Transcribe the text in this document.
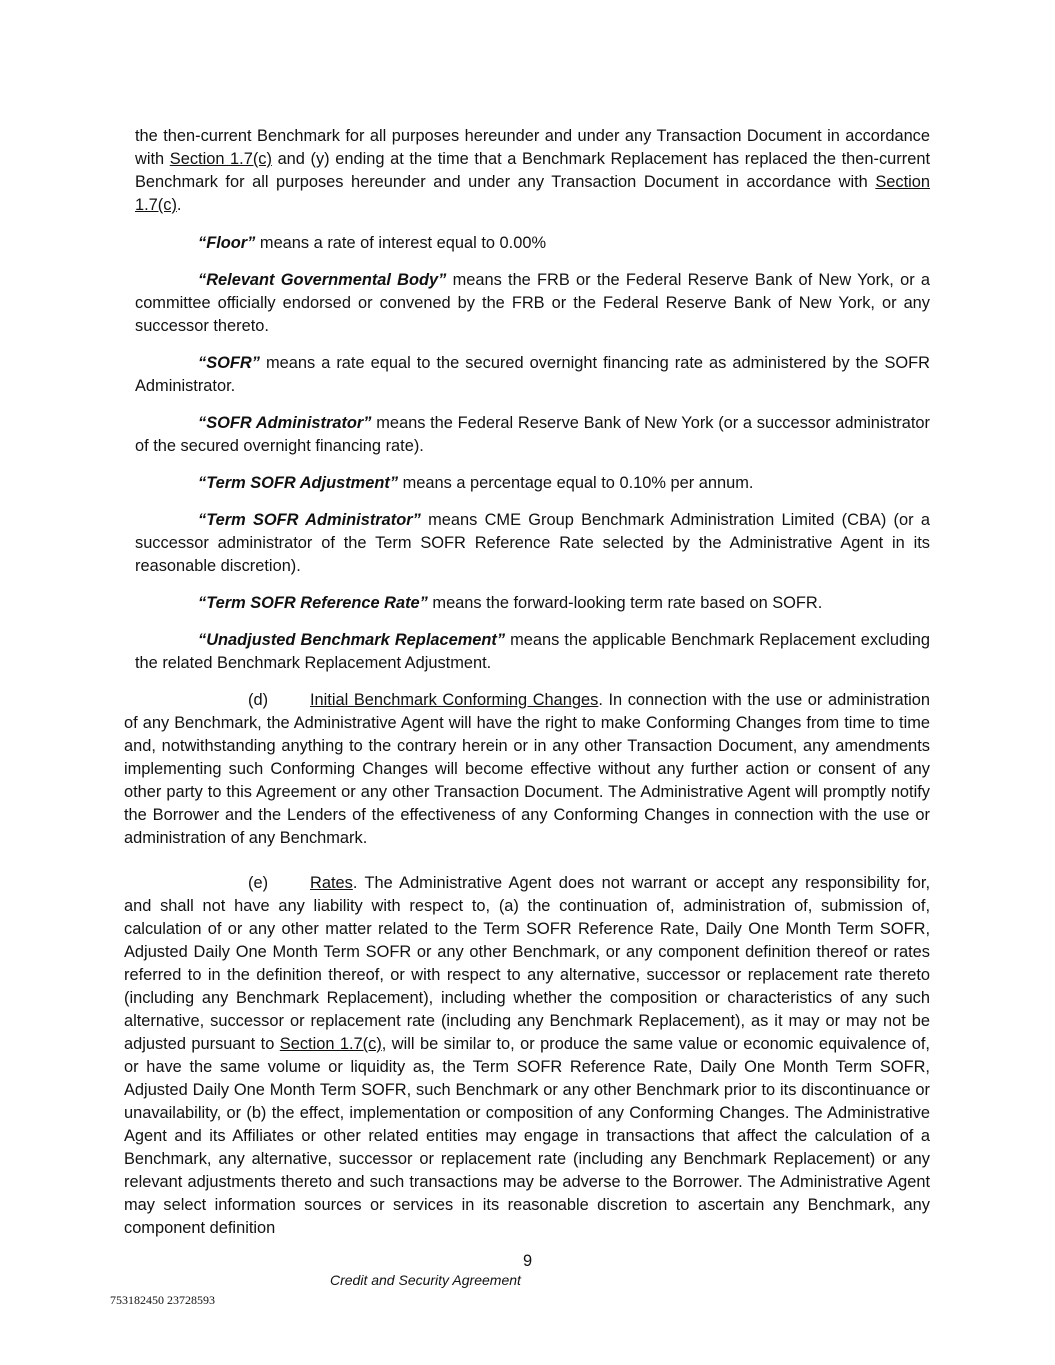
the then-current Benchmark for all purposes hereunder and under any Transaction Document in accordance with Section 1.7(c) and (y) ending at the time that a Benchmark Replacement has replaced the then-current Benchmark for all purposes hereunder and under any Transaction Document in accordance with Section 1.7(c).

“Floor” means a rate of interest equal to 0.00%

“Relevant Governmental Body” means the FRB or the Federal Reserve Bank of New York, or a committee officially endorsed or convened by the FRB or the Federal Reserve Bank of New York, or any successor thereto.

“SOFR” means a rate equal to the secured overnight financing rate as administered by the SOFR Administrator.

“SOFR Administrator” means the Federal Reserve Bank of New York (or a successor administrator of the secured overnight financing rate).

“Term SOFR Adjustment” means a percentage equal to 0.10% per annum.

“Term SOFR Administrator” means CME Group Benchmark Administration Limited (CBA) (or a successor administrator of the Term SOFR Reference Rate selected by the Administrative Agent in its reasonable discretion).

“Term SOFR Reference Rate” means the forward-looking term rate based on SOFR.

“Unadjusted Benchmark Replacement” means the applicable Benchmark Replacement excluding the related Benchmark Replacement Adjustment.

(d)	Initial Benchmark Conforming Changes. In connection with the use or administration of any Benchmark, the Administrative Agent will have the right to make Conforming Changes from time to time and, notwithstanding anything to the contrary herein or in any other Transaction Document, any amendments implementing such Conforming Changes will become effective without any further action or consent of any other party to this Agreement or any other Transaction Document. The Administrative Agent will promptly notify the Borrower and the Lenders of the effectiveness of any Conforming Changes in connection with the use or administration of any Benchmark.

(e)	Rates. The Administrative Agent does not warrant or accept any responsibility for, and shall not have any liability with respect to, (a) the continuation of, administration of, submission of, calculation of or any other matter related to the Term SOFR Reference Rate, Daily One Month Term SOFR, Adjusted Daily One Month Term SOFR or any other Benchmark, or any component definition thereof or rates referred to in the definition thereof, or with respect to any alternative, successor or replacement rate thereto (including any Benchmark Replacement), including whether the composition or characteristics of any such alternative, successor or replacement rate (including any Benchmark Replacement), as it may or may not be adjusted pursuant to Section 1.7(c), will be similar to, or produce the same value or economic equivalence of, or have the same volume or liquidity as, the Term SOFR Reference Rate, Daily One Month Term SOFR, Adjusted Daily One Month Term SOFR, such Benchmark or any other Benchmark prior to its discontinuance or unavailability, or (b) the effect, implementation or composition of any Conforming Changes. The Administrative Agent and its Affiliates or other related entities may engage in transactions that affect the calculation of a Benchmark, any alternative, successor or replacement rate (including any Benchmark Replacement) or any relevant adjustments thereto and such transactions may be adverse to the Borrower. The Administrative Agent may select information sources or services in its reasonable discretion to ascertain any Benchmark, any component definition

9
Credit and Security Agreement
753182450 23728593
